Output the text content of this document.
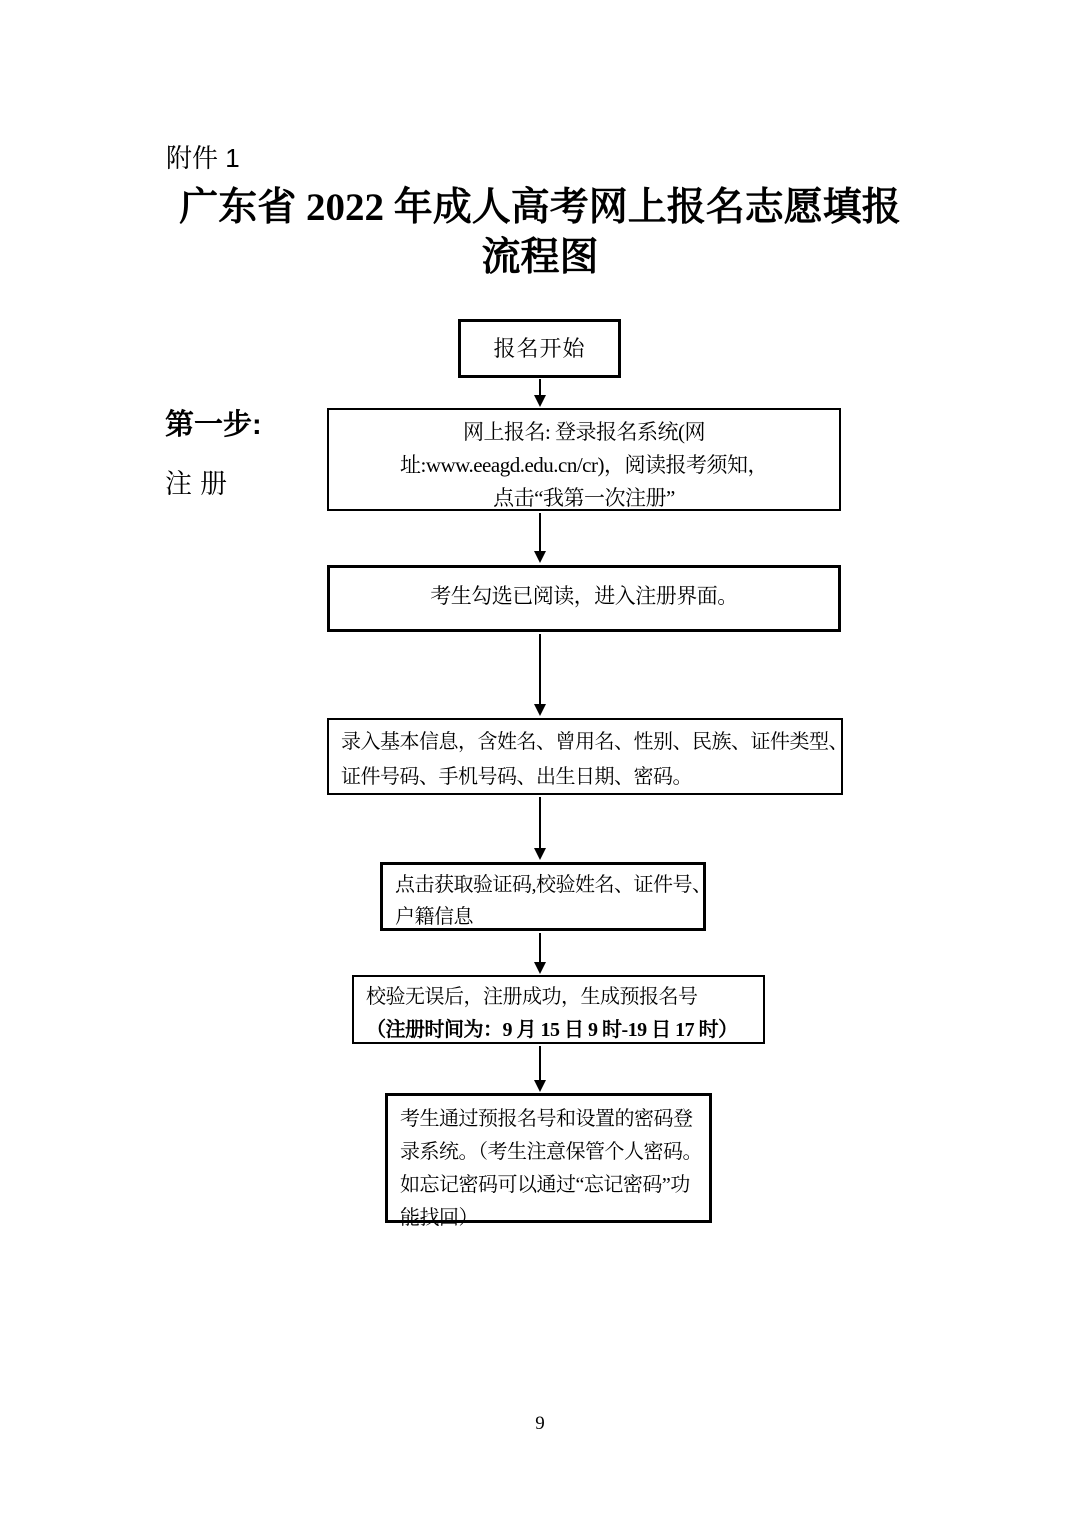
附件 1
广东省 2022 年成人高考网上报名志愿填报
流程图
第一步:
注册
报名开始
网上报名: 登录报名系统(网
址:www.eeagd.edu.cn/cr)，阅读报考须知，
点击“我第一次注册”
考生勾选已阅读，进入注册界面。
录入基本信息，含姓名、曾用名、性别、民族、证件类型、
证件号码、手机号码、出生日期、密码。
点击获取验证码,校验姓名、证件号、
户籍信息
校验无误后，注册成功，生成预报名号
（注册时间为：9 月 15 日 9 时-19 日 17 时）
考生通过预报名号和设置的密码登
录系统。（考生注意保管个人密码。
如忘记密码可以通过“忘记密码”功
能找回）
9
